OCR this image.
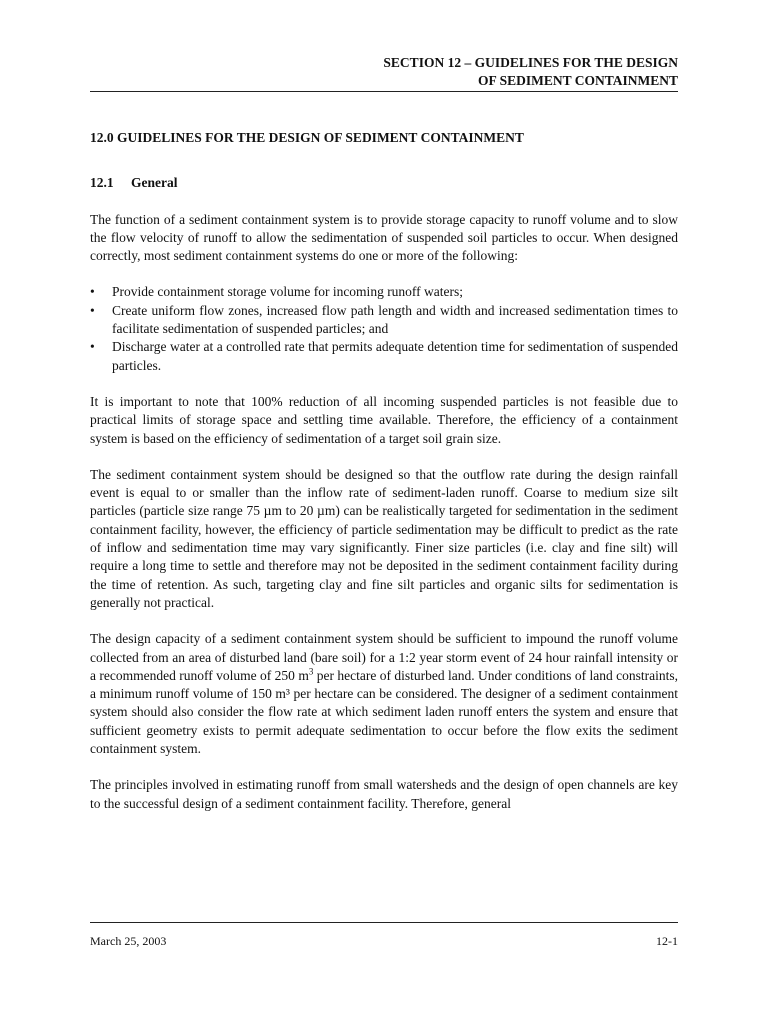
SECTION 12 – GUIDELINES FOR THE DESIGN
OF SEDIMENT CONTAINMENT
12.0 GUIDELINES FOR THE DESIGN OF SEDIMENT CONTAINMENT
12.1 General

The function of a sediment containment system is to provide storage capacity to runoff volume and to slow the flow velocity of runoff to allow the sedimentation of suspended soil particles to occur. When designed correctly, most sediment containment systems do one or more of the following:

• Provide containment storage volume for incoming runoff waters;
• Create uniform flow zones, increased flow path length and width and increased sedimentation times to facilitate sedimentation of suspended particles; and
• Discharge water at a controlled rate that permits adequate detention time for sedimentation of suspended particles.

It is important to note that 100% reduction of all incoming suspended particles is not feasible due to practical limits of storage space and settling time available. Therefore, the efficiency of a containment system is based on the efficiency of sedimentation of a target soil grain size.

The sediment containment system should be designed so that the outflow rate during the design rainfall event is equal to or smaller than the inflow rate of sediment-laden runoff. Coarse to medium size silt particles (particle size range 75 µm to 20 µm) can be realistically targeted for sedimentation in the sediment containment facility, however, the efficiency of particle sedimentation may be difficult to predict as the rate of inflow and sedimentation time may vary significantly. Finer size particles (i.e. clay and fine silt) will require a long time to settle and therefore may not be deposited in the sediment containment facility during the time of retention. As such, targeting clay and fine silt particles and organic silts for sedimentation is generally not practical.

The design capacity of a sediment containment system should be sufficient to impound the runoff volume collected from an area of disturbed land (bare soil) for a 1:2 year storm event of 24 hour rainfall intensity or a recommended runoff volume of 250 $m^3$ per hectare of disturbed land. Under conditions of land constraints, a minimum runoff volume of 150 m³ per hectare can be considered. The designer of a sediment containment system should also consider the flow rate at which sediment laden runoff enters the system and ensure that sufficient geometry exists to permit adequate sedimentation to occur before the flow exits the sediment containment system.

The principles involved in estimating runoff from small watersheds and the design of open channels are key to the successful design of a sediment containment facility. Therefore, general

March 25, 2003	12-1
